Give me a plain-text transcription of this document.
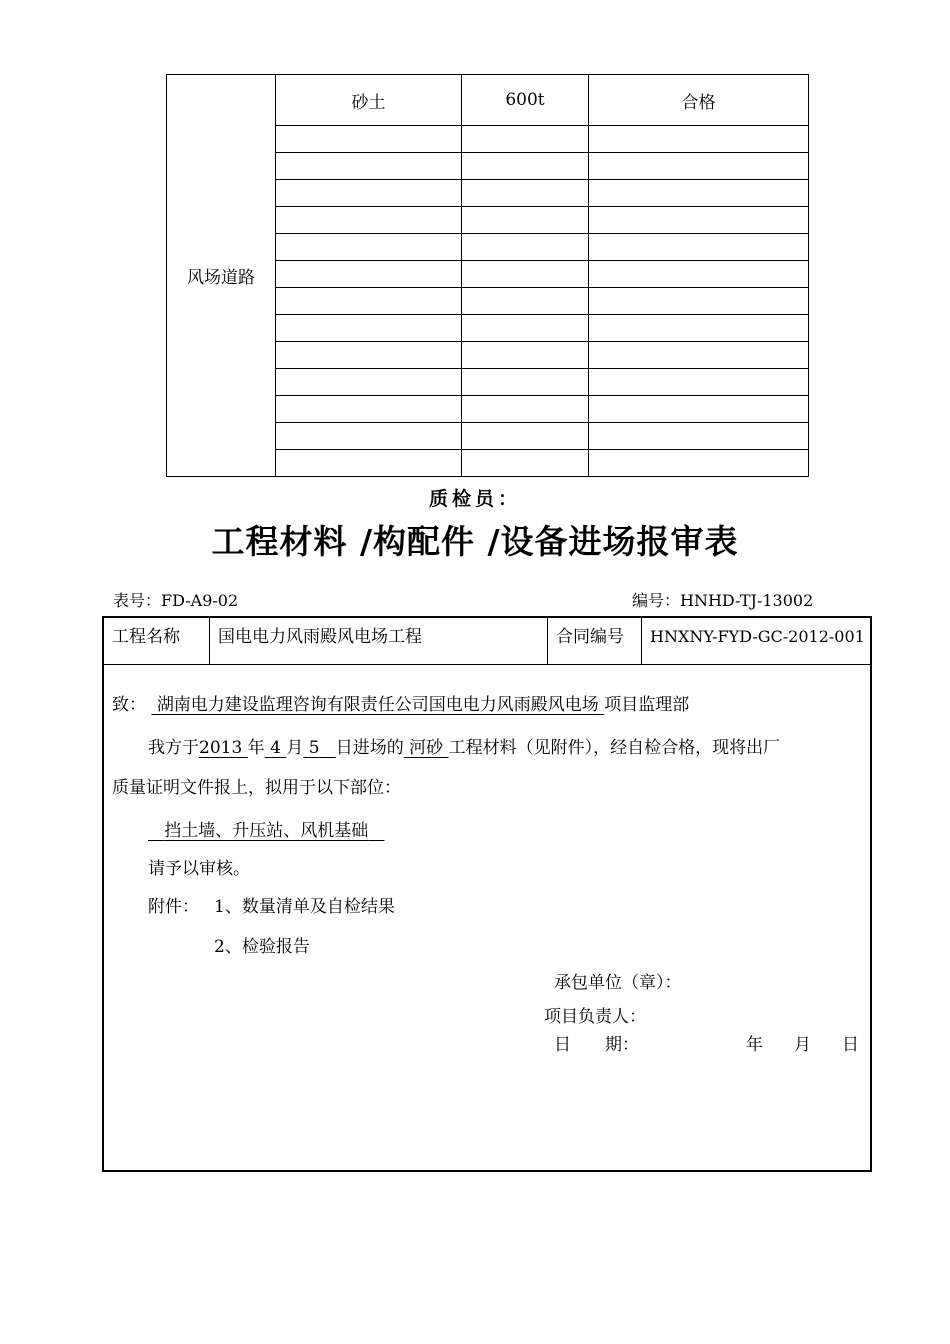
风场道路	砂土	600t	合格

质检员：
工程材料 /构配件 /设备进场报审表
表号：FD-A9-02	编号：HNHD-TJ-13002
工程名称	国电电力风雨殿风电场工程	合同编号	HNXNY-FYD-GC-2012-001
致： 湖南电力建设监理咨询有限责任公司国电电力风雨殿风电场 项目监理部
我方于2013 年 4 月 5 日进场的 河砂 工程材料（见附件），经自检合格，现将出厂
质量证明文件报上，拟用于以下部位：
挡土墙、升压站、风机基础
请予以审核。
附件： 1、数量清单及自检结果
2、检验报告
承包单位（章）：
项目负责人：
日　　期：	年 月 日
